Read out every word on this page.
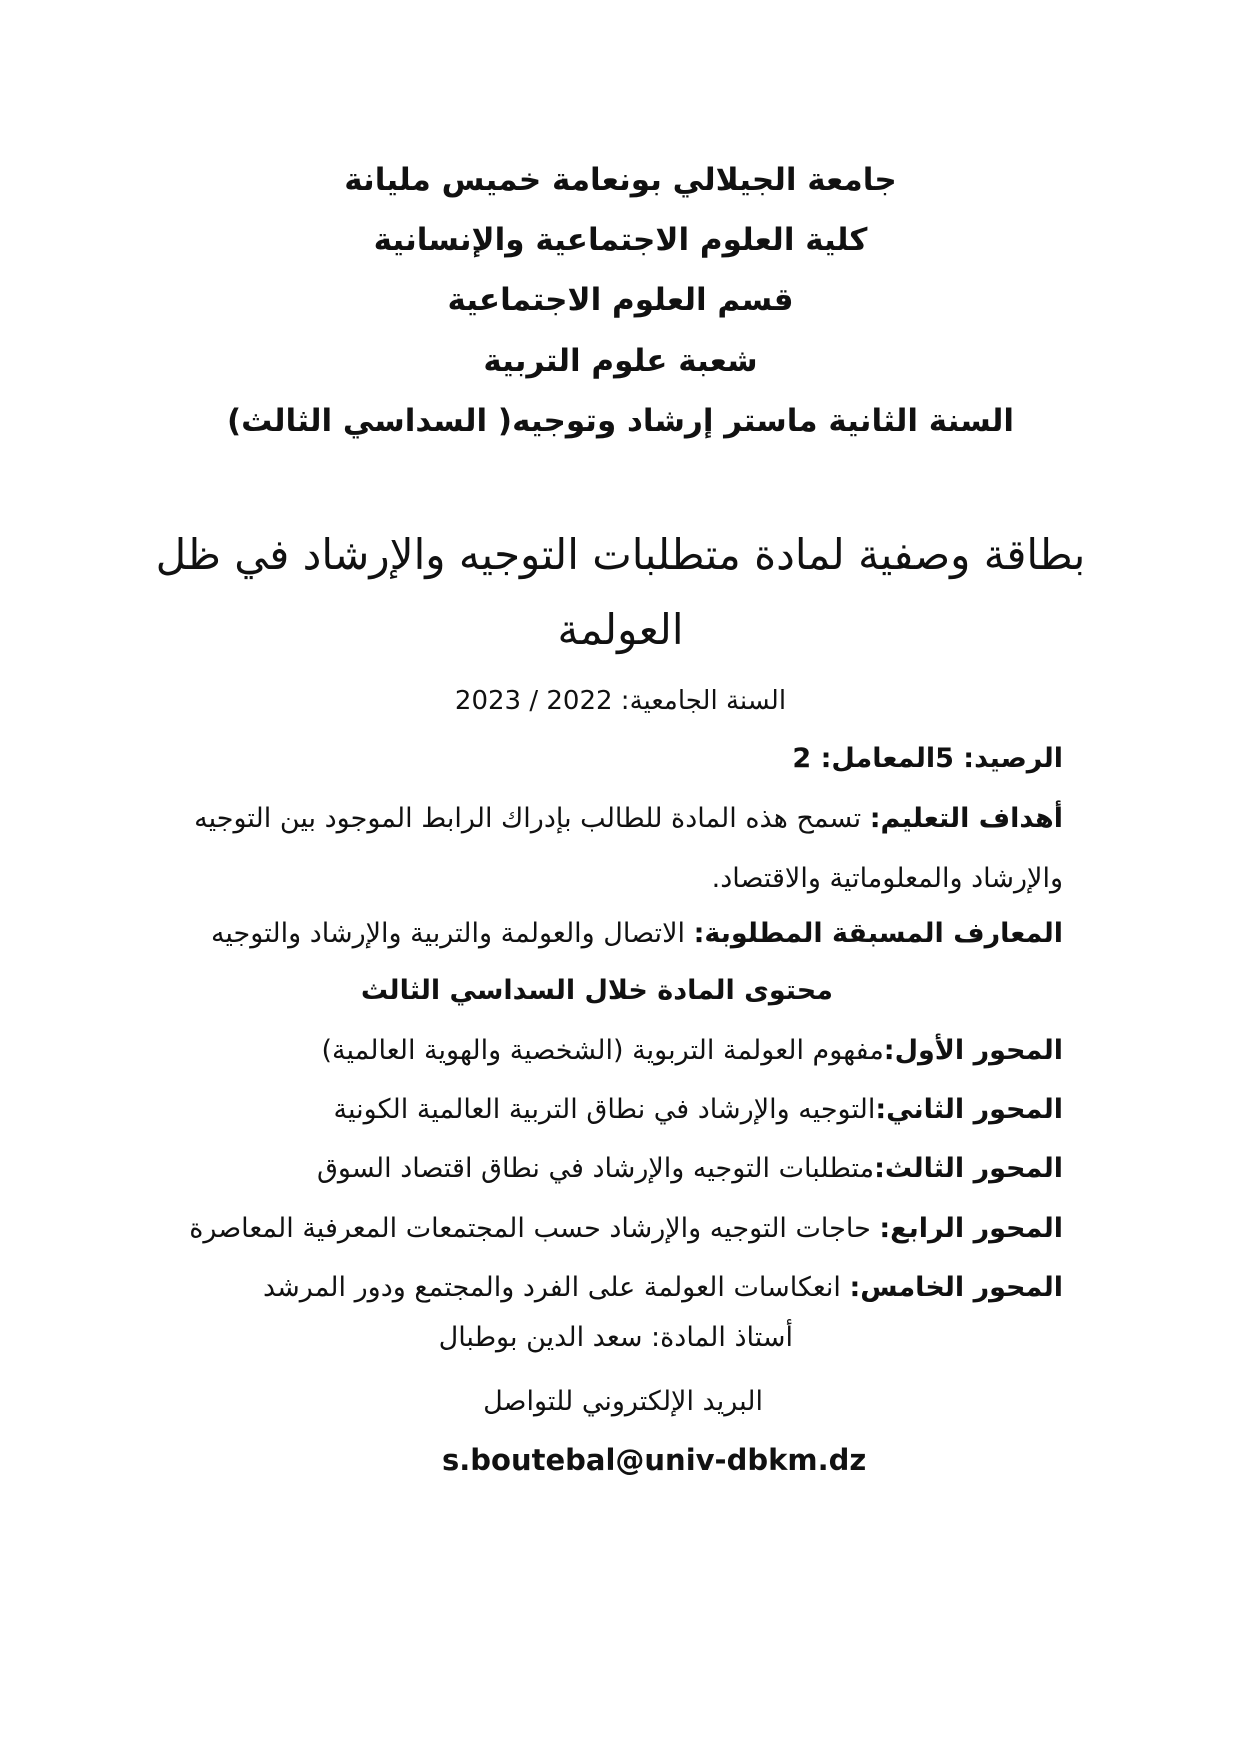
جامعة الجيلالي بونعامة خميس مليانة
كلية العلوم الاجتماعية والإنسانية
قسم العلوم الاجتماعية
شعبة علوم التربية
السنة الثانية ماستر إرشاد وتوجيه( السداسي الثالث)
بطاقة وصفية لمادة متطلبات التوجيه والإرشاد في ظل
العولمة
السنة الجامعية: 2022 / 2023
الرصيد: 5المعامل: 2
أهداف التعليم: تسمح هذه المادة للطالب بإدراك الرابط الموجود بين التوجيه
والإرشاد والمعلوماتية والاقتصاد.
المعارف المسبقة المطلوبة: الاتصال والعولمة والتربية والإرشاد والتوجيه
محتوى المادة خلال السداسي الثالث
المحور الأول:مفهوم العولمة التربوية (الشخصية والهوية العالمية)
المحور الثاني:التوجيه والإرشاد في نطاق التربية العالمية الكونية
المحور الثالث:متطلبات التوجيه والإرشاد في نطاق اقتصاد السوق
المحور الرابع: حاجات التوجيه والإرشاد حسب المجتمعات المعرفية المعاصرة
المحور الخامس: انعكاسات العولمة على الفرد والمجتمع ودور المرشد
أستاذ المادة: سعد الدين بوطبال
البريد الإلكتروني للتواصل
s.boutebal@univ-dbkm.dz
